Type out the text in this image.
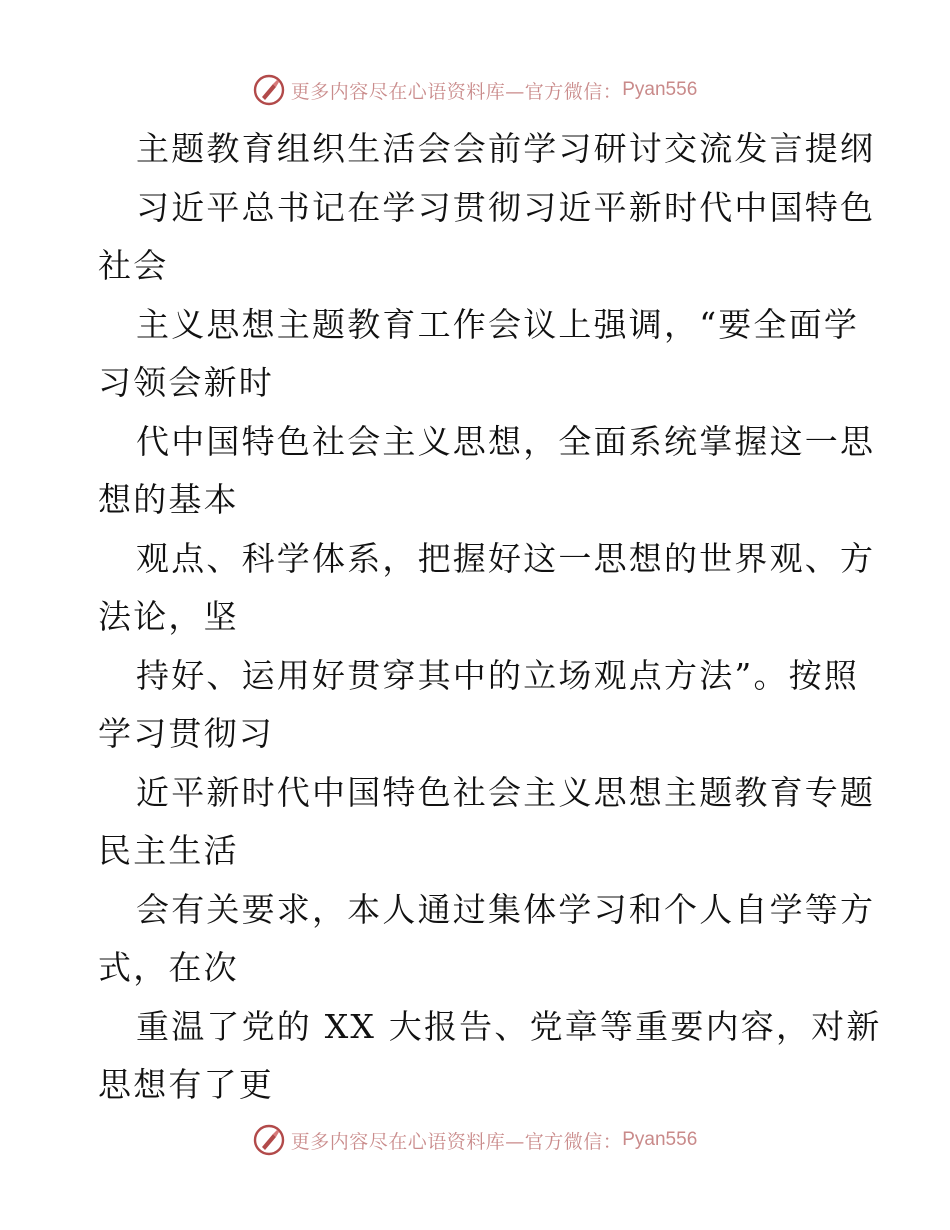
更多内容尽在心语资料库—官方微信： Pyan556
主题教育组织生活会会前学习研讨交流发言提纲
习近平总书记在学习贯彻习近平新时代中国特色
社会
主义思想主题教育工作会议上强调，“要全面学
习领会新时
代中国特色社会主义思想，全面系统掌握这一思
想的基本
观点、科学体系，把握好这一思想的世界观、方
法论，坚
持好、运用好贯穿其中的立场观点方法”。按照
学习贯彻习
近平新时代中国特色社会主义思想主题教育专题
民主生活
会有关要求，本人通过集体学习和个人自学等方
式，在次
重温了党的 XX 大报告、党章等重要内容，对新
思想有了更
更多内容尽在心语资料库—官方微信： Pyan556
